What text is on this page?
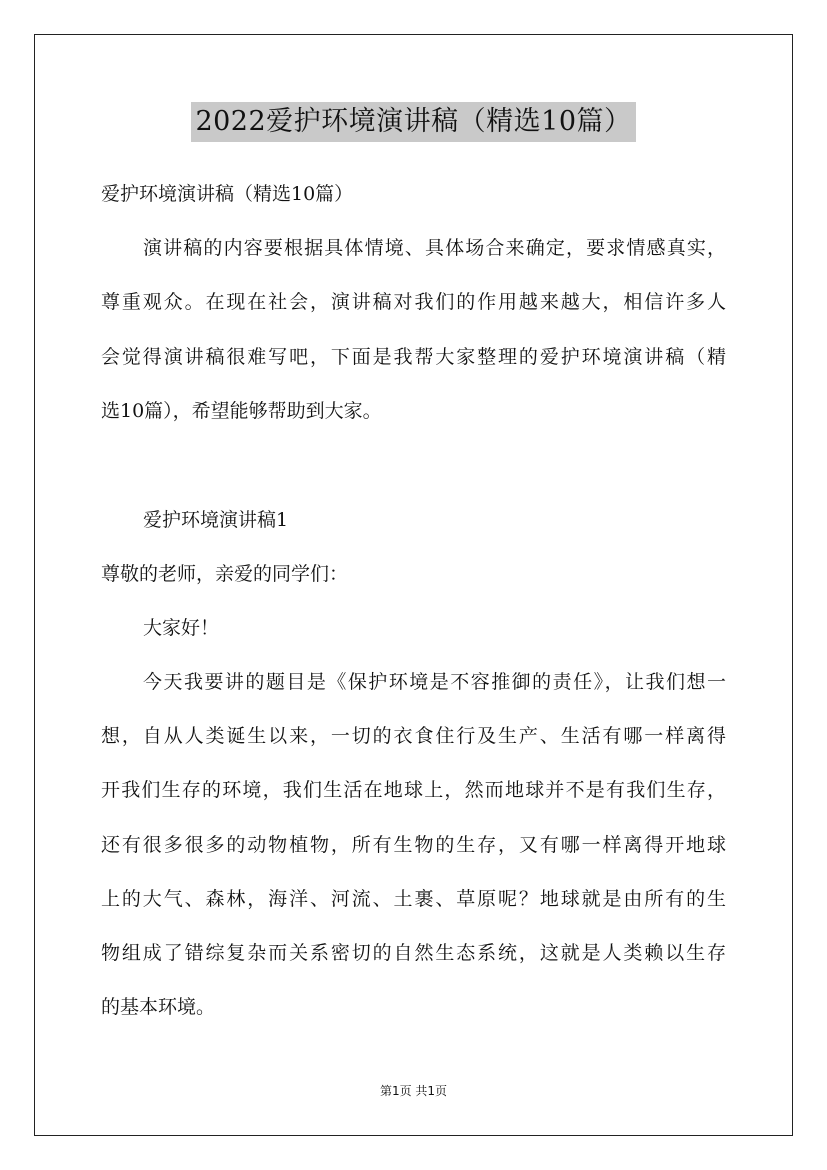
2022爱护环境演讲稿（精选10篇）

爱护环境演讲稿（精选10篇）

演讲稿的内容要根据具体情境、具体场合来确定，要求情感真实，

尊重观众。在现在社会，演讲稿对我们的作用越来越大，相信许多人

会觉得演讲稿很难写吧，下面是我帮大家整理的爱护环境演讲稿（精

选10篇），希望能够帮助到大家。

爱护环境演讲稿1

尊敬的老师，亲爱的同学们：

大家好！

今天我要讲的题目是《保护环境是不容推御的责任》，让我们想一

想，自从人类诞生以来，一切的衣食住行及生产、生活有哪一样离得

开我们生存的环境，我们生活在地球上，然而地球并不是有我们生存，

还有很多很多的动物植物，所有生物的生存，又有哪一样离得开地球

上的大气、森林，海洋、河流、土裹、草原呢？地球就是由所有的生

物组成了错综复杂而关系密切的自然生态系统，这就是人类赖以生存

的基本环境。

第1页 共1页
